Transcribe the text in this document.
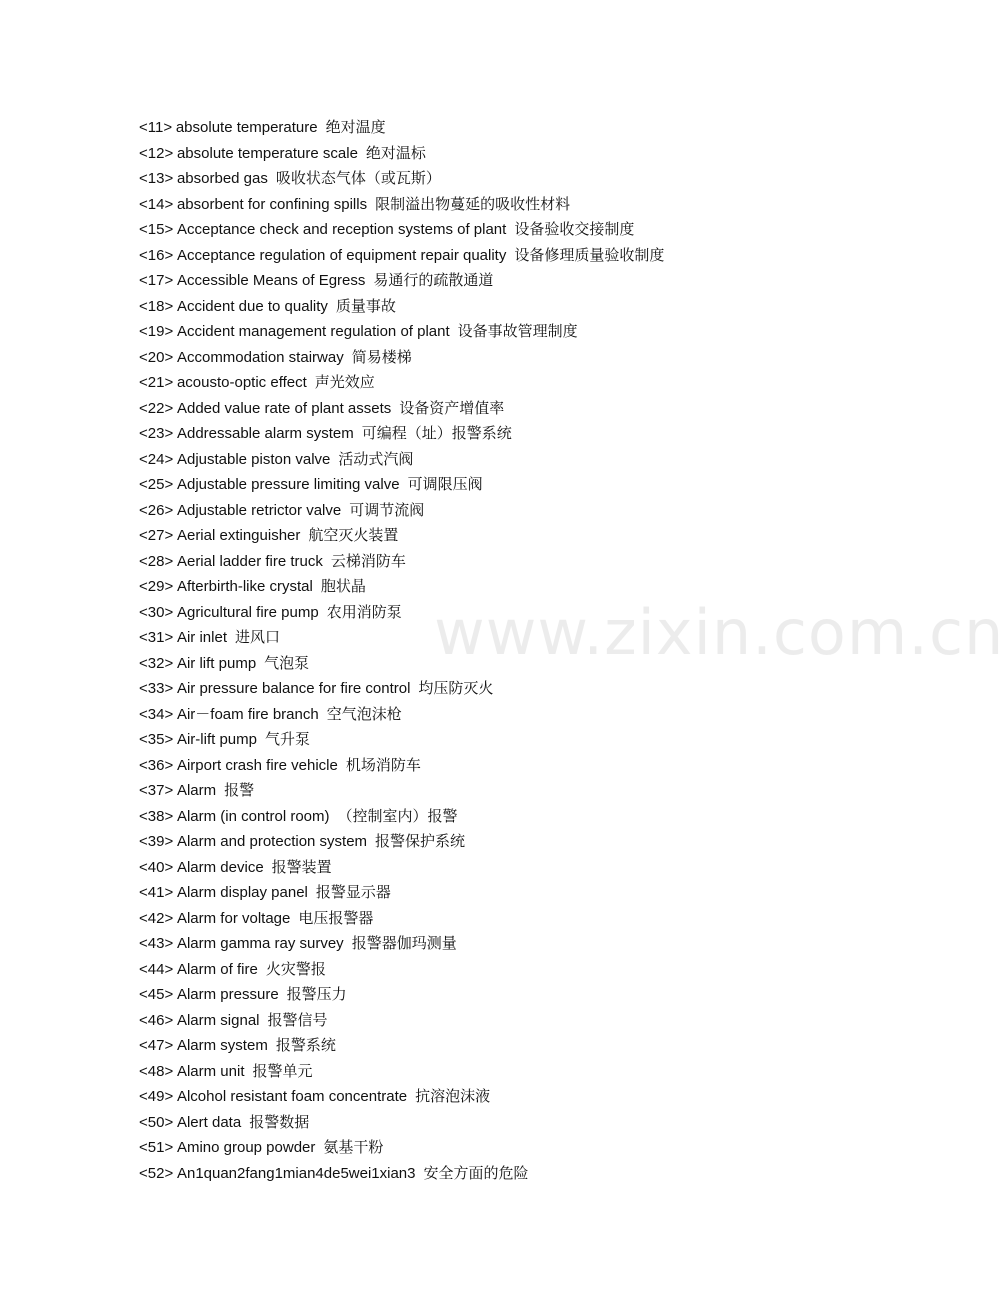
www.zixin.com.cn
<11> absolute temperature 绝对温度
<12> absolute temperature scale 绝对温标
<13> absorbed gas 吸收状态气体（或瓦斯）
<14> absorbent for confining spills 限制溢出物蔓延的吸收性材料
<15> Acceptance check and reception systems of plant 设备验收交接制度
<16> Acceptance regulation of equipment repair quality 设备修理质量验收制度
<17> Accessible Means of Egress 易通行的疏散通道
<18> Accident due to quality 质量事故
<19> Accident management regulation of plant 设备事故管理制度
<20> Accommodation stairway 简易楼梯
<21> acousto-optic effect 声光效应
<22> Added value rate of plant assets 设备资产增值率
<23> Addressable alarm system 可编程（址）报警系统
<24> Adjustable piston valve 活动式汽阀
<25> Adjustable pressure limiting valve 可调限压阀
<26> Adjustable retrictor valve 可调节流阀
<27> Aerial extinguisher 航空灭火装置
<28> Aerial ladder fire truck 云梯消防车
<29> Afterbirth-like crystal 胞状晶
<30> Agricultural fire pump 农用消防泵
<31> Air inlet 进风口
<32> Air lift pump 气泡泵
<33> Air pressure balance for fire control 均压防灭火
<34> Air－foam fire branch 空气泡沫枪
<35> Air-lift pump 气升泵
<36> Airport crash fire vehicle 机场消防车
<37> Alarm 报警
<38> Alarm (in control room) （控制室内）报警
<39> Alarm and protection system 报警保护系统
<40> Alarm device 报警装置
<41> Alarm display panel 报警显示器
<42> Alarm for voltage 电压报警器
<43> Alarm gamma ray survey 报警器伽玛测量
<44> Alarm of fire 火灾警报
<45> Alarm pressure 报警压力
<46> Alarm signal 报警信号
<47> Alarm system 报警系统
<48> Alarm unit 报警单元
<49> Alcohol resistant foam concentrate 抗溶泡沫液
<50> Alert data 报警数据
<51> Amino group powder 氨基干粉
<52> An1quan2fang1mian4de5wei1xian3 安全方面的危险
